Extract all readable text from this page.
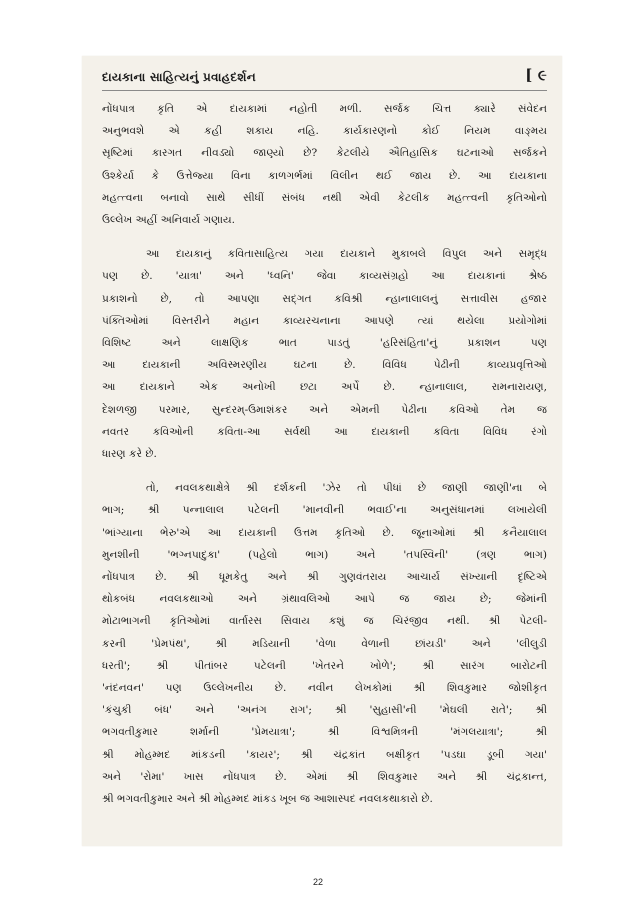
દાયકાના સાહિત્યનું પ્રવાહદર્શન	[ ૯
નોંધપાત્ર કૃતિ એ દાયકામાં નહોતી મળી. સર્જક ચિત્ત ક્યારે સંવેદન
અનુભવશે એ કહી શકાય નહિ. કાર્યકારણનો કોઈ નિયમ વાઙ્મય
સૃષ્ટિમાં કારગત નીવડ્યો જાણ્યો છે? કેટલીયે ઐતિહાસિક ઘટનાઓ સર્જકને
ઉશ્કેર્યા કે ઉત્તેજ્યા વિના કાળગર્ભમાં વિલીન થઈ જાય છે. આ દાયકાના
મહત્ત્વના બનાવો સાથે સીધીં સંબંધ નથી એવી કેટલીક મહત્ત્વની કૃતિઓનો
ઉલ્લેખ અહીં અનિવાર્ય ગણાય.
આ દાયકાનું કવિતાસાહિત્ય ગયા દાયકાને મુકાબલે વિપુલ અને સમૃદ્ધ
પણ છે. 'યાત્રા' અને 'ધ્વનિ' જેવા કાવ્યસંગ્રહો આ દાયકાનાં શ્રેષ્ઠ
પ્રકાશનો છે, તો આપણા સદ્ગત કવિશ્રી ન્હાનાલાલનું સત્તાવીસ હજાર
પંક્તિઓમાં વિસ્તરીને મહાન કાવ્યરચનાના આપણે ત્યાં થયેલા પ્રયોગોમાં
વિશિષ્ટ અને લાક્ષણિક ભાત પાડતું 'હરિસંહિતા'નું પ્રકાશન પણ
આ દાયકાની અવિસ્મરણીય ઘટના છે. વિવિધ પેઢીની કાવ્યપ્રવૃત્તિઓ
આ દાયકાને એક અનોખી છટા અર્પે છે. ન્હાનાલાલ, રામનારાયણ,
દેશળજી પરમાર, સુન્દરમ્-ઉમાશંકર અને એમની પેઢીના કવિઓ તેમ જ
નવતર કવિઓની કવિતા-આ સર્વથી આ દાયકાની કવિતા વિવિધ રંગો
ધારણ કરે છે.
તો, નવલકથાક્ષેત્રે શ્રી દર્શકની 'ઝેર તો પીધાં છે જાણી જાણી'ના બે
ભાગ; શ્રી પન્નાલાલ પટેલની 'માનવીની ભવાઈ'ના અનુસંધાનમાં લખાયેલી
'ભાંગ્યાના ભેરુ'એ આ દાયકાની ઉત્તમ કૃતિઓ છે. જૂનાઓમાં શ્રી કનૈયાલાલ
મુનશીની 'ભગ્નપાદુકા' (પહેલો ભાગ) અને 'તપસ્વિની' (ત્રણ ભાગ)
નોંધપાત્ર છે. શ્રી ધૂમકેતુ અને શ્રી ગુણવંતરાય આચાર્ય સંખ્યાની દૃષ્ટિએ
થોકબંધ નવલકથાઓ અને ગ્રંથાવલિઓ આપે જ જાય છે; જેમાંની
મોટાભાગની કૃતિઓમાં વાર્તારસ સિવાય કશું જ ચિરંજીવ નથી. શ્રી પેટલી-
કરની 'પ્રેમપંથ', શ્રી મડિયાની 'વેળા વેળાની છાંયડી' અને 'લીલુડી
ધરતી'; શ્રી પીતાંબર પટેલની 'ખેતરને ખોળે'; શ્રી સારંગ બારોટની
'નંદનવન' પણ ઉલ્લેખનીય છે. નવીન લેખકોમાં શ્રી શિવકુમાર જોશીકૃત
'કંચુકી બંધ' અને 'અનંગ રાગ'; શ્રી 'સુહાસી'ની 'મેઘલી રાતે'; શ્રી
ભગવતીકુમાર શર્માની 'પ્રેમયાત્રા'; શ્રી વિશ્વમિત્રની 'મંગલયાત્રા'; શ્રી
શ્રી મોહમ્મદ માંકડની 'કાયર'; શ્રી ચંદ્રકાંત બક્ષીકૃત 'પડઘા ડૂબી ગયા'
અને 'રોમા' ખાસ નોંધપાત્ર છે. એમાં શ્રી શિવકુમાર અને શ્રી ચંદ્રકાન્ત,
શ્રી ભગવતીકુમાર અને શ્રી મોહમ્મદ માંકડ ખૂબ જ આશાસ્પદ નવલકથાકારો છે.
22
